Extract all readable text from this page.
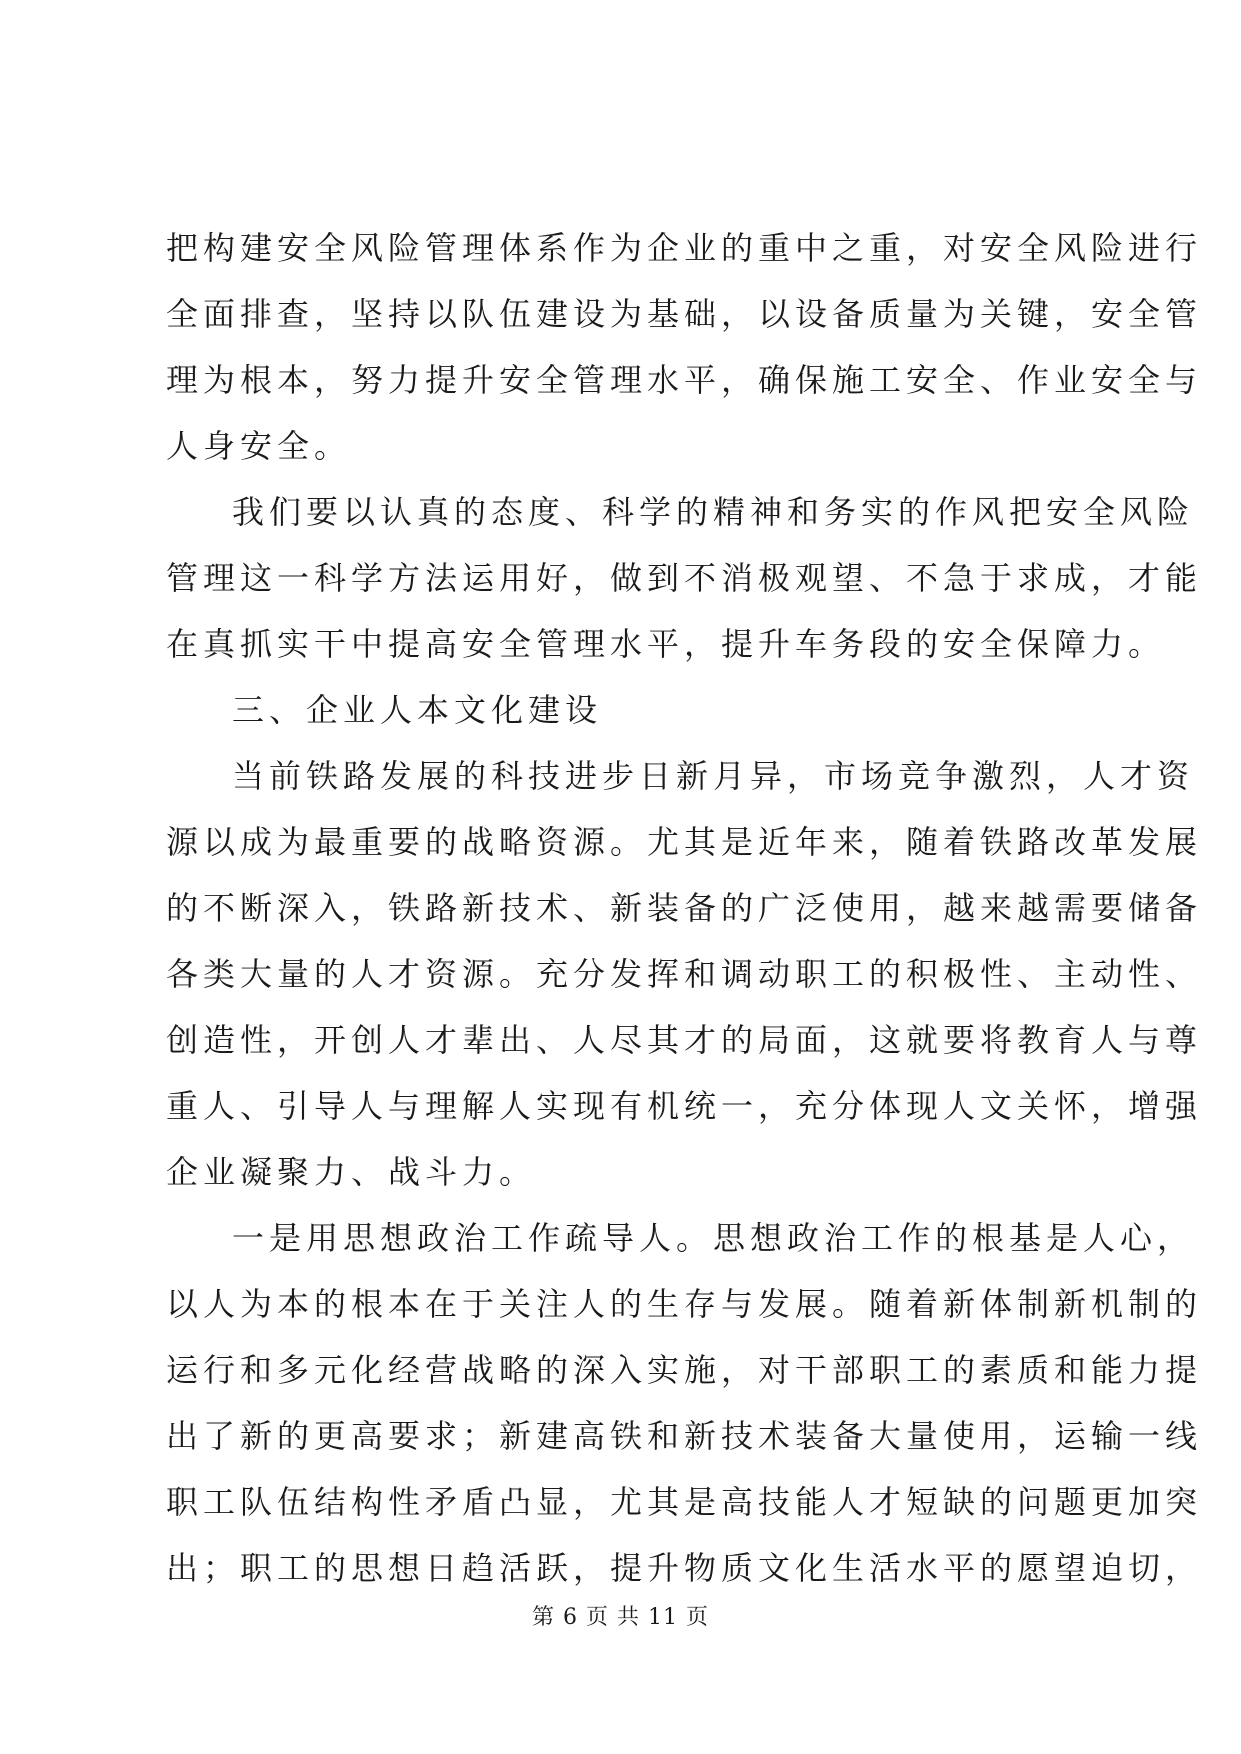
把构建安全风险管理体系作为企业的重中之重，对安全风险进行
全面排查，坚持以队伍建设为基础，以设备质量为关键，安全管
理为根本，努力提升安全管理水平，确保施工安全、作业安全与
人身安全。
我们要以认真的态度、科学的精神和务实的作风把安全风险
管理这一科学方法运用好，做到不消极观望、不急于求成，才能
在真抓实干中提高安全管理水平，提升车务段的安全保障力。
三、企业人本文化建设
当前铁路发展的科技进步日新月异，市场竞争激烈，人才资
源以成为最重要的战略资源。尤其是近年来，随着铁路改革发展
的不断深入，铁路新技术、新装备的广泛使用，越来越需要储备
各类大量的人才资源。充分发挥和调动职工的积极性、主动性、
创造性，开创人才辈出、人尽其才的局面，这就要将教育人与尊
重人、引导人与理解人实现有机统一，充分体现人文关怀，增强
企业凝聚力、战斗力。
一是用思想政治工作疏导人。思想政治工作的根基是人心，
以人为本的根本在于关注人的生存与发展。随着新体制新机制的
运行和多元化经营战略的深入实施，对干部职工的素质和能力提
出了新的更高要求；新建高铁和新技术装备大量使用，运输一线
职工队伍结构性矛盾凸显，尤其是高技能人才短缺的问题更加突
出；职工的思想日趋活跃，提升物质文化生活水平的愿望迫切，
第 6 页 共 11 页
